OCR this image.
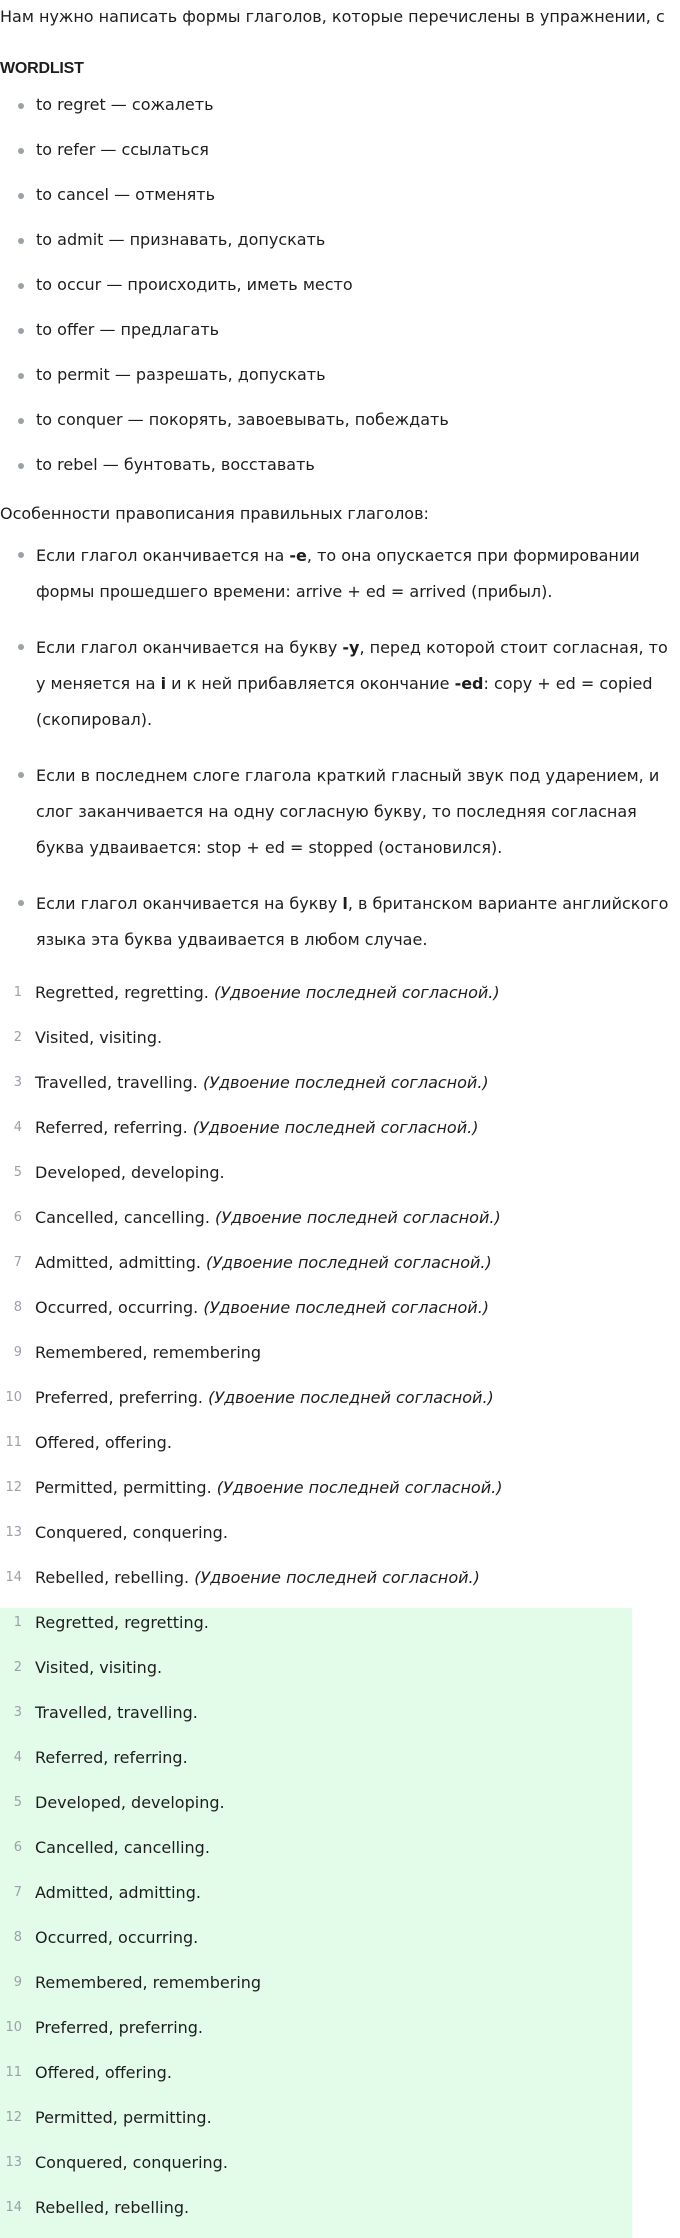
Нам нужно написать формы глаголов, которые перечислены в упражнении, с

WORDLIST
to regret — сожалеть
to refer — ссылаться
to cancel — отменять
to admit — признавать, допускать
to occur — происходить, иметь место
to offer — предлагать
to permit — разрешать, допускать
to conquer — покорять, завоевывать, побеждать
to rebel — бунтовать, восставать
Особенности правописания правильных глаголов:
Если глагол оканчивается на -e, то она опускается при формировании формы прошедшего времени: arrive + ed = arrived (прибыл).
Если глагол оканчивается на букву -y, перед которой стоит согласная, то у меняется на i и к ней прибавляется окончание -ed: copy + ed = copied (скопировал).
Если в последнем слоге глагола краткий гласный звук под ударением, и слог заканчивается на одну согласную букву, то последняя согласная буква удваивается: stop + ed = stopped (остановился).
Если глагол оканчивается на букву l, в британском варианте английского языка эта буква удваивается в любом случае.
1 Regretted, regretting. (Удвоение последней согласной.)
2 Visited, visiting.
3 Travelled, travelling. (Удвоение последней согласной.)
4 Referred, referring. (Удвоение последней согласной.)
5 Developed, developing.
6 Cancelled, cancelling. (Удвоение последней согласной.)
7 Admitted, admitting. (Удвоение последней согласной.)
8 Occurred, occurring. (Удвоение последней согласной.)
9 Remembered, remembering
10 Preferred, preferring. (Удвоение последней согласной.)
11 Offered, offering.
12 Permitted, permitting. (Удвоение последней согласной.)
13 Conquered, conquering.
14 Rebelled, rebelling. (Удвоение последней согласной.)
1 Regretted, regretting.
2 Visited, visiting.
3 Travelled, travelling.
4 Referred, referring.
5 Developed, developing.
6 Cancelled, cancelling.
7 Admitted, admitting.
8 Occurred, occurring.
9 Remembered, remembering
10 Preferred, preferring.
11 Offered, offering.
12 Permitted, permitting.
13 Conquered, conquering.
14 Rebelled, rebelling.
